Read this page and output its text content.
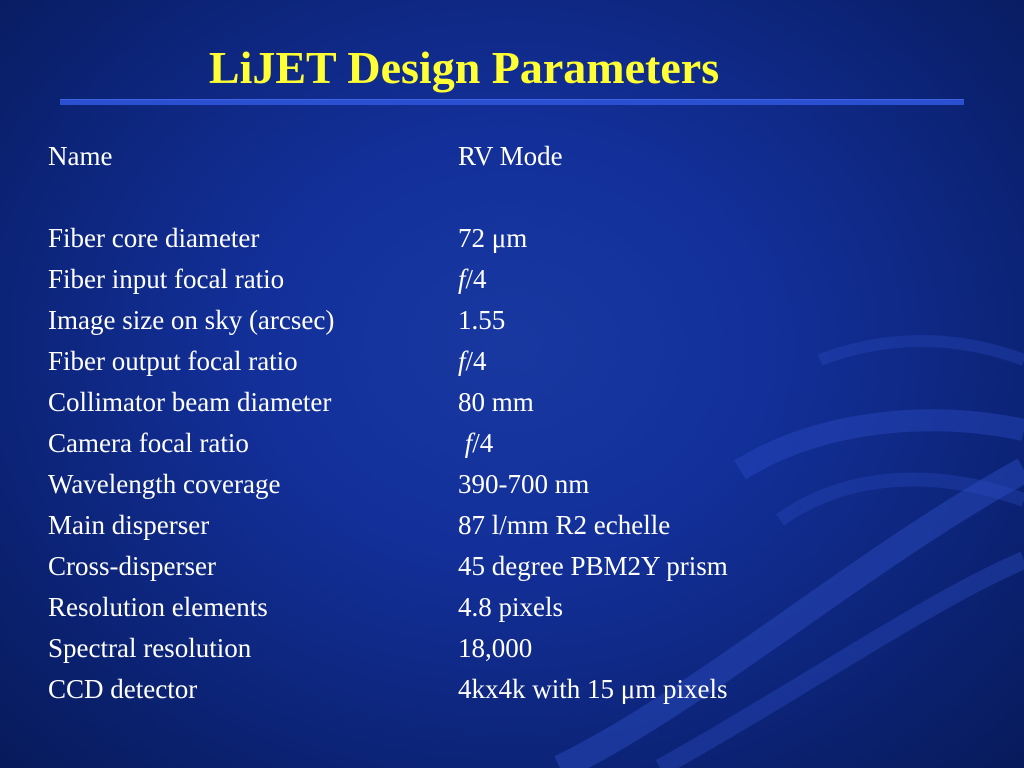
LiJET Design Parameters
Name	RV Mode
Fiber core diameter	72 μm
Fiber input focal ratio	f/4
Image size on sky (arcsec)	1.55
Fiber output focal ratio	f/4
Collimator beam diameter	80 mm
Camera focal ratio	f/4
Wavelength coverage	390-700 nm
Main disperser	87 l/mm R2 echelle
Cross-disperser	45 degree PBM2Y prism
Resolution elements	4.8 pixels
Spectral resolution	18,000
CCD detector	4kx4k with 15 μm pixels
